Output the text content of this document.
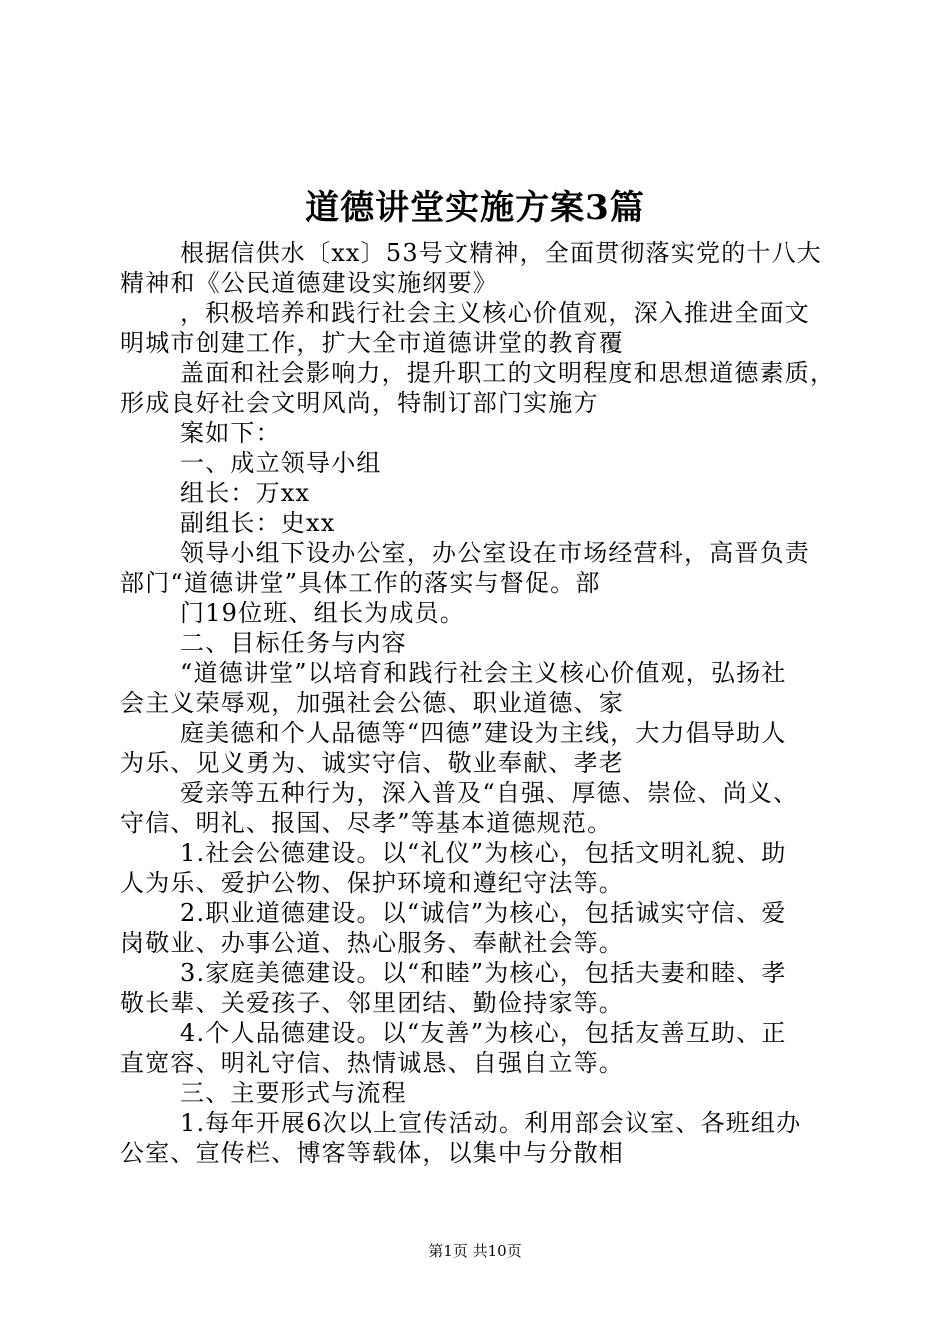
道德讲堂实施方案3篇
根据信供水〔xx〕53号文精神，全面贯彻落实党的十八大
精神和《公民道德建设实施纲要》
，积极培养和践行社会主义核心价值观，深入推进全面文
明城市创建工作，扩大全市道德讲堂的教育覆
盖面和社会影响力，提升职工的文明程度和思想道德素质，
形成良好社会文明风尚，特制订部门实施方
案如下：
一、成立领导小组
组长：万xx
副组长：史xx
领导小组下设办公室，办公室设在市场经营科，高晋负责
部门“道德讲堂”具体工作的落实与督促。部
门19位班、组长为成员。
二、目标任务与内容
“道德讲堂”以培育和践行社会主义核心价值观，弘扬社
会主义荣辱观，加强社会公德、职业道德、家
庭美德和个人品德等“四德”建设为主线，大力倡导助人
为乐、见义勇为、诚实守信、敬业奉献、孝老
爱亲等五种行为，深入普及“自强、厚德、崇俭、尚义、
守信、明礼、报国、尽孝”等基本道德规范。
1.社会公德建设。以“礼仪”为核心，包括文明礼貌、助
人为乐、爱护公物、保护环境和遵纪守法等。
2.职业道德建设。以“诚信”为核心，包括诚实守信、爱
岗敬业、办事公道、热心服务、奉献社会等。
3.家庭美德建设。以“和睦”为核心，包括夫妻和睦、孝
敬长辈、关爱孩子、邻里团结、勤俭持家等。
4.个人品德建设。以“友善”为核心，包括友善互助、正
直宽容、明礼守信、热情诚恳、自强自立等。
三、主要形式与流程
1.每年开展6次以上宣传活动。利用部会议室、各班组办
公室、宣传栏、博客等载体，以集中与分散相
第1页 共10页
